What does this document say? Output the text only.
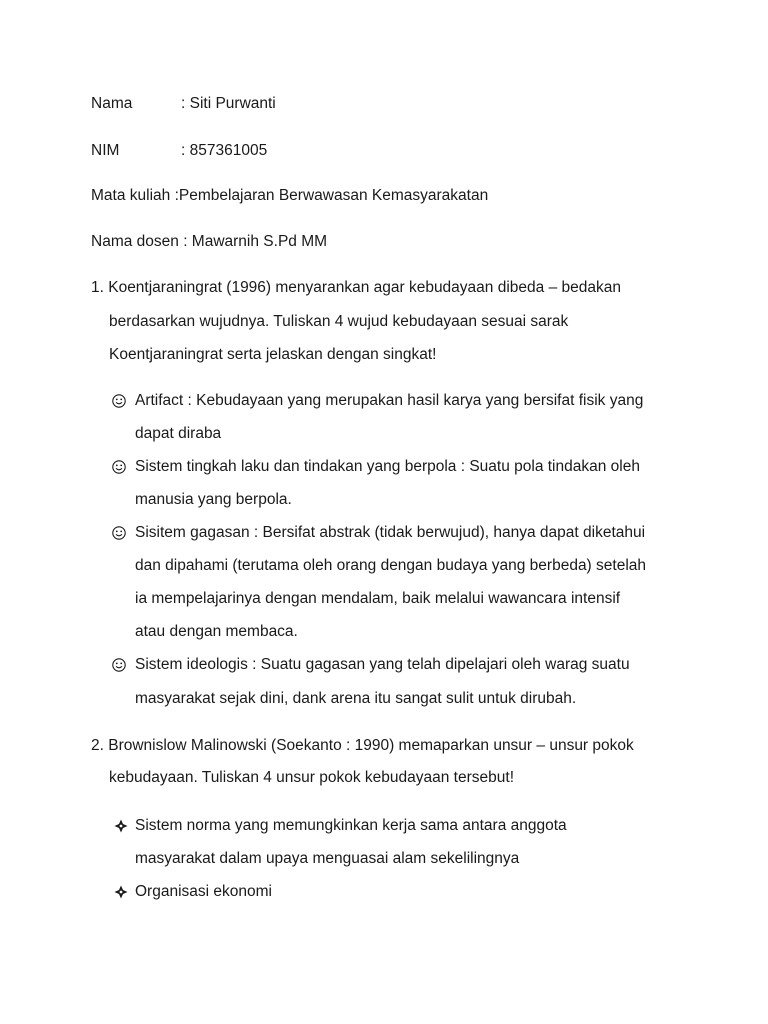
Nama	: Siti Purwanti
NIM	: 857361005
Mata kuliah :Pembelajaran Berwawasan Kemasyarakatan
Nama dosen : Mawarnih S.Pd MM
1. Koentjaraningrat (1996) menyarankan agar kebudayaan dibeda – bedakan
berdasarkan wujudnya. Tuliskan 4 wujud kebudayaan sesuai sarak
Koentjaraningrat serta jelaskan dengan singkat!
Artifact : Kebudayaan yang merupakan hasil karya yang bersifat fisik yang
dapat diraba
Sistem tingkah laku dan tindakan yang berpola : Suatu pola tindakan oleh
manusia yang berpola.
Sisitem gagasan : Bersifat abstrak (tidak berwujud), hanya dapat diketahui
dan dipahami (terutama oleh orang dengan budaya yang berbeda) setelah
ia mempelajarinya dengan mendalam, baik melalui wawancara intensif
atau dengan membaca.
Sistem ideologis : Suatu gagasan yang telah dipelajari oleh warag suatu
masyarakat sejak dini, dank arena itu sangat sulit untuk dirubah.
2. Brownislow Malinowski (Soekanto : 1990) memaparkan unsur – unsur pokok
kebudayaan. Tuliskan 4 unsur pokok kebudayaan tersebut!
Sistem norma yang memungkinkan kerja sama antara anggota
masyarakat dalam upaya menguasai alam sekelilingnya
Organisasi ekonomi
